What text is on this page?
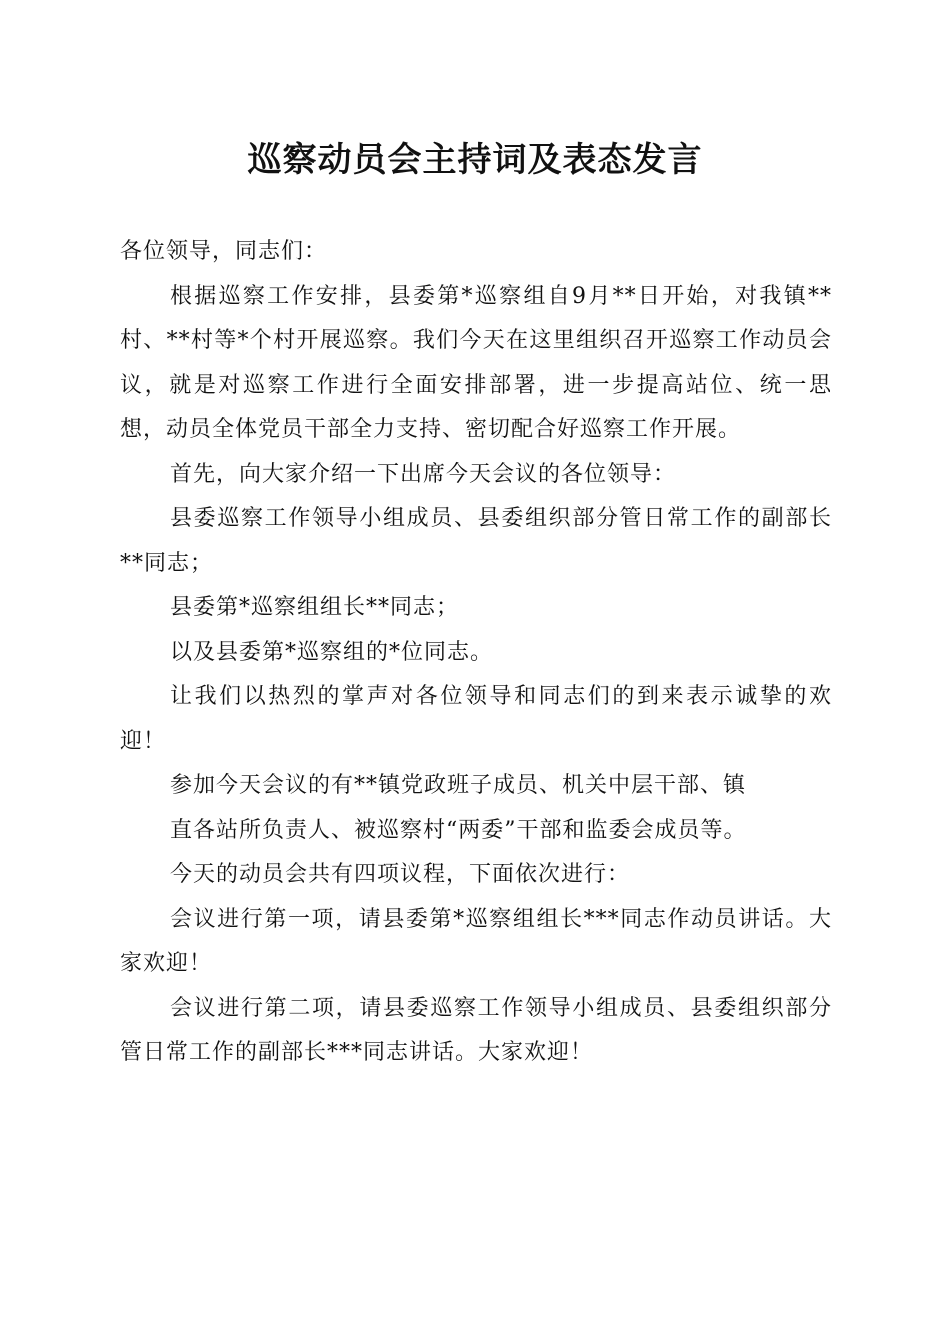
巡察动员会主持词及表态发言

各位领导，同志们：

根据巡察工作安排，县委第*巡察组自9月**日开始，对我镇**村、**村等*个村开展巡察。我们今天在这里组织召开巡察工作动员会议，就是对巡察工作进行全面安排部署，进一步提高站位、统一思想，动员全体党员干部全力支持、密切配合好巡察工作开展。

首先，向大家介绍一下出席今天会议的各位领导：

县委巡察工作领导小组成员、县委组织部分管日常工作的副部长**同志；

县委第*巡察组组长**同志；

以及县委第*巡察组的*位同志。

让我们以热烈的掌声对各位领导和同志们的到来表示诚挚的欢迎！

参加今天会议的有**镇党政班子成员、机关中层干部、镇

直各站所负责人、被巡察村“两委”干部和监委会成员等。

今天的动员会共有四项议程，下面依次进行：

会议进行第一项，请县委第*巡察组组长***同志作动员讲话。大家欢迎！

会议进行第二项，请县委巡察工作领导小组成员、县委组织部分管日常工作的副部长***同志讲话。大家欢迎！
